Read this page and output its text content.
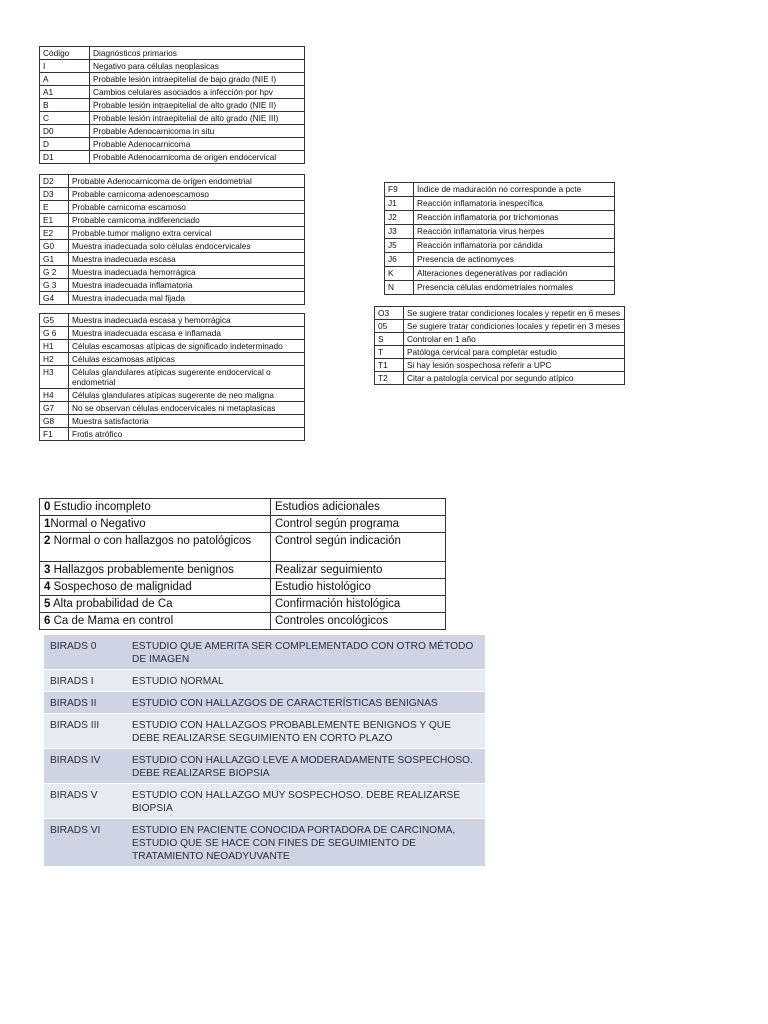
Código	Diagnósticos primarios
I	Negativo para células neoplasicas
A	Probable lesión intraepitelial de bajo grado (NIE I)
A1	Cambios celulares asociados a infección por hpv
B	Probable lesión intraepitelial de alto grado (NIE II)
C	Probable lesión intraepitelial de alto grado (NIE III)
D0	Probable Adenocarnicoma in situ
D	Probable Adenocarnicoma
D1	Probable Adenocarnicoma de origen endocervical
D2	Probable Adenocarnicoma de origen endometrial
D3	Probable carnicoma adenoescamoso
E	Probable carnicoma escamoso
E1	Probable carnicoma indiferenciado
E2	Probable tumor maligno extra cervical
G0	Muestra inadecuada solo células endocervicales
G1	Muestra inadecuada escasa
G 2	Muestra inadecuada hemorrágica
G 3	Muestra inadecuada inflamatoria
G4	Muestra inadecuada mal fijada
G5	Muestra inadecuada escasa y hemorrágica
G 6	Muestra inadecuada escasa e inflamada
H1	Células escamosas atípicas de significado indeterminado
H2	Células escamosas atípicas
H3	Células glandulares atípicas sugerente endocervical o endometrial
H4	Células glandulares atípicas sugerente de neo maligna
G7	No se observan células endocervicales ni metaplasicas
G8	Muestra satisfactoria
F1	Frotis atrófico
F9	Índice de maduración no corresponde a pcte
J1	Reacción inflamatoria inespecífica
J2	Reacción inflamatoria por trichomonas
J3	Reacción inflamatoria virus herpes
J5	Reacción inflamatoria por cándida
J6	Presencia de actinomyces
K	Alteraciones degenerativas por radiación
N	Presencia células endometriales normales
O3	Se sugiere tratar condiciones locales y repetir en 6 meses
05	Se sugiere tratar condiciones locales y repetir en 3 meses
S	Controlar en 1 año
T	Patóloga cervical para completar estudio
T1	Si hay lesión sospechosa referir a UPC
T2	Citar a patología cervical por segundo atípico
0 Estudio incompleto	Estudios adicionales
1Normal o Negativo	Control según programa
2 Normal o con hallazgos no patológicos	Control según indicación
3 Hallazgos probablemente benignos	Realizar seguimiento
4 Sospechoso de malignidad	Estudio histológico
5 Alta probabilidad de Ca	Confirmación histológica
6 Ca de Mama en control	Controles oncológicos
BIRADS 0	ESTUDIO QUE AMERITA SER COMPLEMENTADO CON OTRO MÉTODO DE IMAGEN
BIRADS I	ESTUDIO NORMAL
BIRADS II	ESTUDIO CON HALLAZGOS DE CARACTERÍSTICAS BENIGNAS
BIRADS III	ESTUDIO CON HALLAZGOS PROBABLEMENTE BENIGNOS Y QUE DEBE REALIZARSE SEGUIMIENTO EN CORTO PLAZO
BIRADS IV	ESTUDIO CON HALLAZGO LEVE A MODERADAMENTE SOSPECHOSO. DEBE REALIZARSE BIOPSIA
BIRADS V	ESTUDIO CON HALLAZGO MUY SOSPECHOSO. DEBE REALIZARSE BIOPSIA
BIRADS VI	ESTUDIO EN PACIENTE CONOCIDA PORTADORA DE CARCINOMA, ESTUDIO QUE SE HACE CON FINES DE SEGUIMIENTO DE TRATAMIENTO NEOADYUVANTE
